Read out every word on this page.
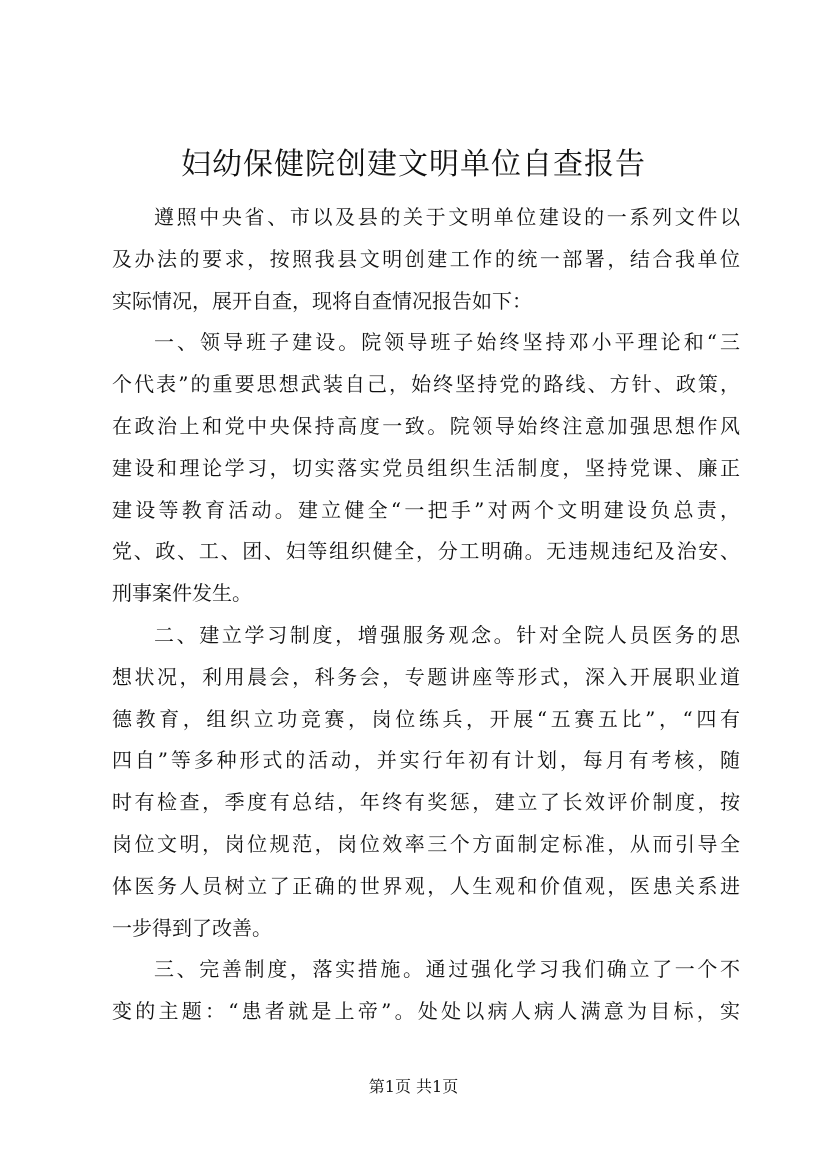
妇幼保健院创建文明单位自查报告
遵照中央省、市以及县的关于文明单位建设的一系列文件以
及办法的要求，按照我县文明创建工作的统一部署，结合我单位
实际情况，展开自查，现将自查情况报告如下：
一、领导班子建设。院领导班子始终坚持邓小平理论和“三
个代表”的重要思想武装自己，始终坚持党的路线、方针、政策，
在政治上和党中央保持高度一致。院领导始终注意加强思想作风
建设和理论学习，切实落实党员组织生活制度，坚持党课、廉正
建设等教育活动。建立健全“一把手”对两个文明建设负总责，
党、政、工、团、妇等组织健全，分工明确。无违规违纪及治安、
刑事案件发生。
二、建立学习制度，增强服务观念。针对全院人员医务的思
想状况，利用晨会，科务会，专题讲座等形式，深入开展职业道
德教育，组织立功竞赛，岗位练兵，开展“五赛五比”，“四有
四自”等多种形式的活动，并实行年初有计划，每月有考核，随
时有检查，季度有总结，年终有奖惩，建立了长效评价制度，按
岗位文明，岗位规范，岗位效率三个方面制定标准，从而引导全
体医务人员树立了正确的世界观，人生观和价值观，医患关系进
一步得到了改善。
三、完善制度，落实措施。通过强化学习我们确立了一个不
变的主题：“患者就是上帝”。处处以病人病人满意为目标，实
第1页 共1页
